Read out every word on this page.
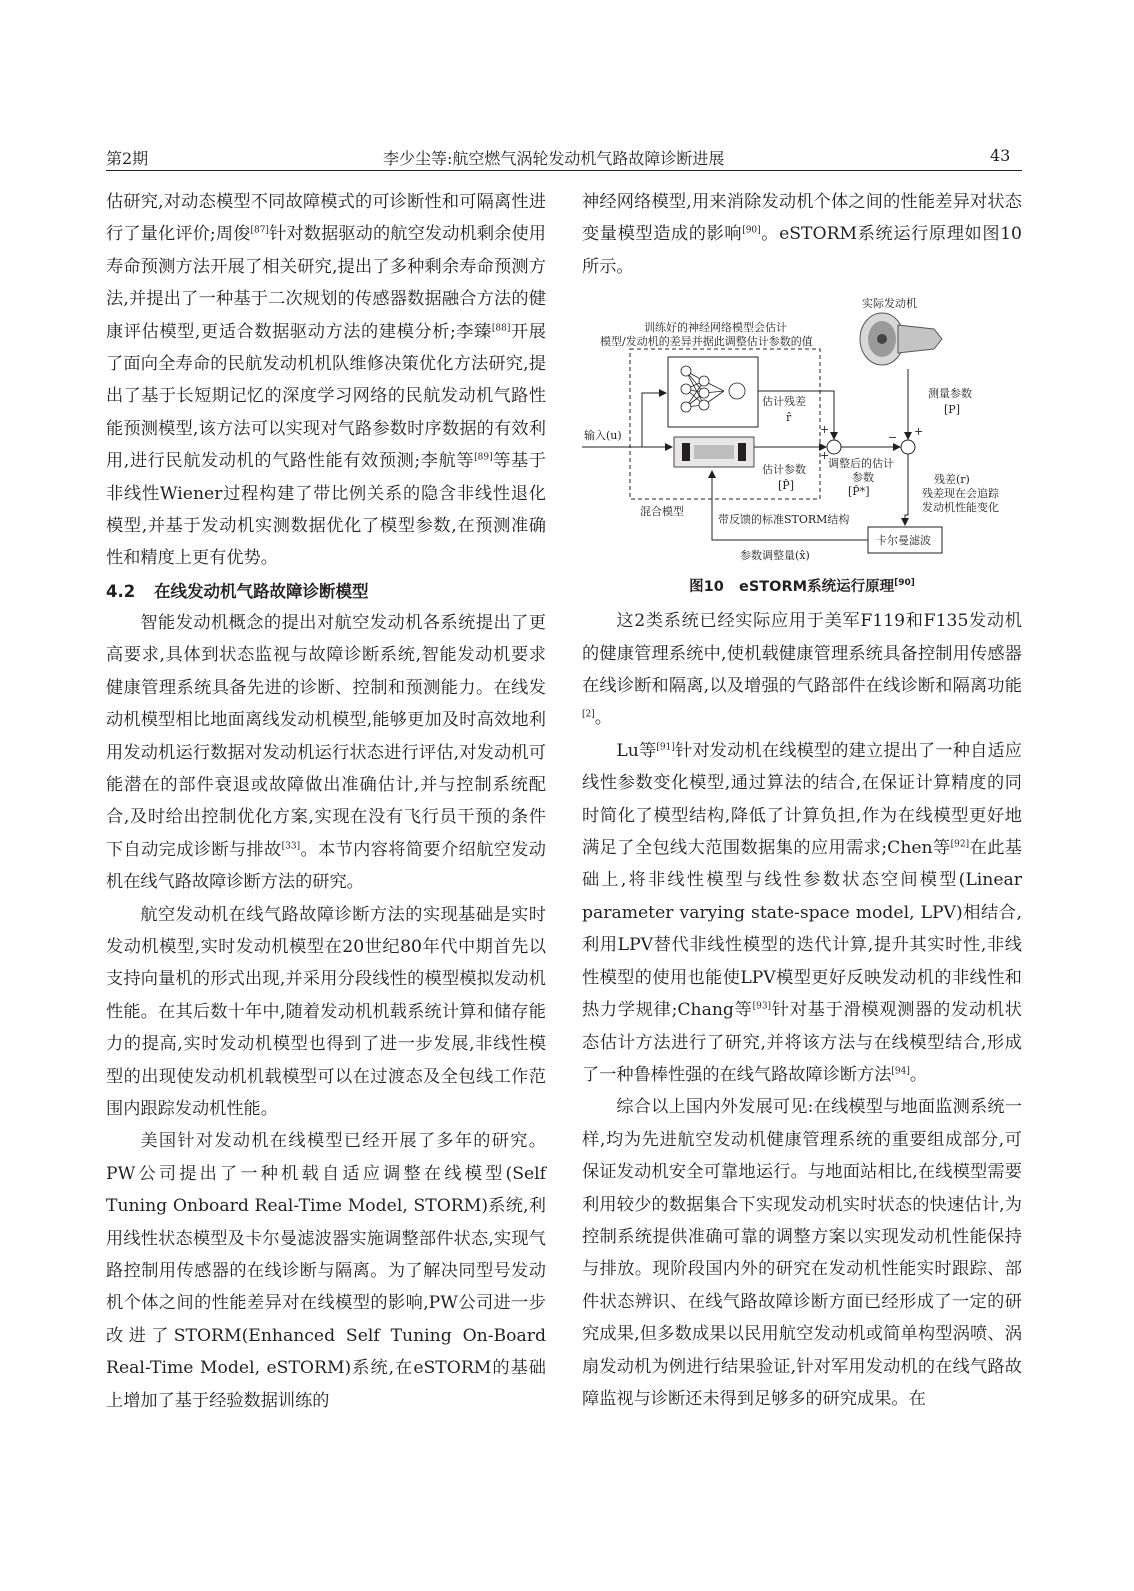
第2期	李少尘等:航空燃气涡轮发动机气路故障诊断进展	43

估研究,对动态模型不同故障模式的可诊断性和可隔离性进行了量化评价;周俊[87]针对数据驱动的航空发动机剩余使用寿命预测方法开展了相关研究,提出了多种剩余寿命预测方法,并提出了一种基于二次规划的传感器数据融合方法的健康评估模型,更适合数据驱动方法的建模分析;李臻[88]开展了面向全寿命的民航发动机机队维修决策优化方法研究,提出了基于长短期记忆的深度学习网络的民航发动机气路性能预测模型,该方法可以实现对气路参数时序数据的有效利用,进行民航发动机的气路性能有效预测;李航等[89]等基于非线性Wiener过程构建了带比例关系的隐含非线性退化模型,并基于发动机实测数据优化了模型参数,在预测准确性和精度上更有优势。

4.2 在线发动机气路故障诊断模型

智能发动机概念的提出对航空发动机各系统提出了更高要求,具体到状态监视与故障诊断系统,智能发动机要求健康管理系统具备先进的诊断、控制和预测能力。在线发动机模型相比地面离线发动机模型,能够更加及时高效地利用发动机运行数据对发动机运行状态进行评估,对发动机可能潜在的部件衰退或故障做出准确估计,并与控制系统配合,及时给出控制优化方案,实现在没有飞行员干预的条件下自动完成诊断与排故[33]。本节内容将简要介绍航空发动机在线气路故障诊断方法的研究。

航空发动机在线气路故障诊断方法的实现基础是实时发动机模型,实时发动机模型在20世纪80年代中期首先以支持向量机的形式出现,并采用分段线性的模型模拟发动机性能。在其后数十年中,随着发动机机载系统计算和储存能力的提高,实时发动机模型也得到了进一步发展,非线性模型的出现使发动机机载模型可以在过渡态及全包线工作范围内跟踪发动机性能。

美国针对发动机在线模型已经开展了多年的研究。PW公司提出了一种机载自适应调整在线模型(Self Tuning Onboard Real-Time Model, STORM)系统,利用线性状态模型及卡尔曼滤波器实施调整部件状态,实现气路控制用传感器的在线诊断与隔离。为了解决同型号发动机个体之间的性能差异对在线模型的影响,PW公司进一步改进了STORM(Enhanced Self Tuning On-Board Real-Time Model, eSTORM)系统,在eSTORM的基础上增加了基于经验数据训练的

神经网络模型,用来消除发动机个体之间的性能差异对状态变量模型造成的影响[90]。eSTORM系统运行原理如图10所示。

训练好的神经网络模型会估计
模型/发动机的差异并据此调整估计参数的值
实际发动机
输入(u)
估计残差
r̂
+
+
估计参数
[P̂]
调整后的估计
参数
[P̂*]
− +
测量参数
[P]
残差(r)
残差现在会追踪
发动机性能变化
混合模型
带反馈的标准STORM结构
卡尔曼滤波
参数调整量(x̂)
图10 eSTORM系统运行原理[90]

这2类系统已经实际应用于美军F119和F135发动机的健康管理系统中,使机载健康管理系统具备控制用传感器在线诊断和隔离,以及增强的气路部件在线诊断和隔离功能[2]。

Lu等[91]针对发动机在线模型的建立提出了一种自适应线性参数变化模型,通过算法的结合,在保证计算精度的同时简化了模型结构,降低了计算负担,作为在线模型更好地满足了全包线大范围数据集的应用需求;Chen等[92]在此基础上,将非线性模型与线性参数状态空间模型(Linear parameter varying state-space model, LPV)相结合,利用LPV替代非线性模型的迭代计算,提升其实时性,非线性模型的使用也能使LPV模型更好反映发动机的非线性和热力学规律;Chang等[93]针对基于滑模观测器的发动机状态估计方法进行了研究,并将该方法与在线模型结合,形成了一种鲁棒性强的在线气路故障诊断方法[94]。

综合以上国内外发展可见:在线模型与地面监测系统一样,均为先进航空发动机健康管理系统的重要组成部分,可保证发动机安全可靠地运行。与地面站相比,在线模型需要利用较少的数据集合下实现发动机实时状态的快速估计,为控制系统提供准确可靠的调整方案以实现发动机性能保持与排放。现阶段国内外的研究在发动机性能实时跟踪、部件状态辨识、在线气路故障诊断方面已经形成了一定的研究成果,但多数成果以民用航空发动机或简单构型涡喷、涡扇发动机为例进行结果验证,针对军用发动机的在线气路故障监视与诊断还未得到足够多的研究成果。在
